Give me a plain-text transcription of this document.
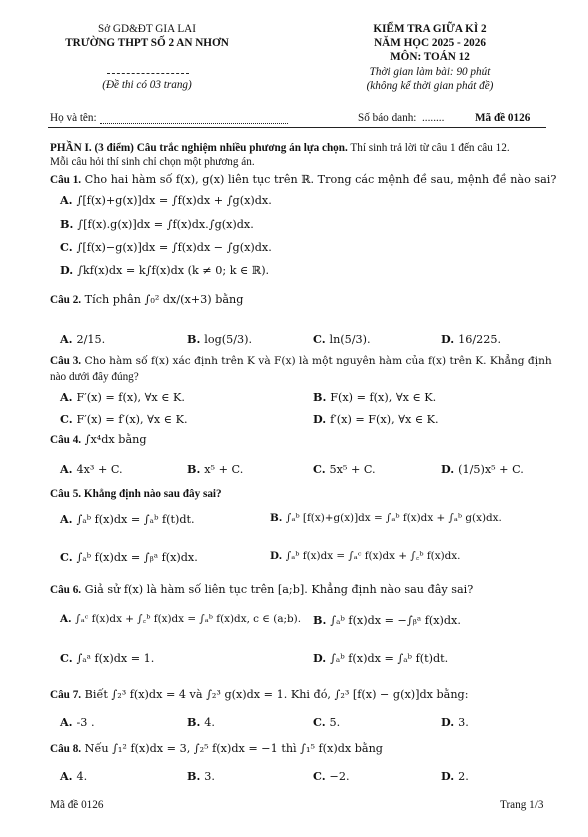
Sở GD&ĐT GIA LAI
TRƯỜNG THPT SỐ 2 AN NHƠN
(Đề thi có 03 trang)
KIỂM TRA GIỮA KÌ 2
NĂM HỌC 2025 - 2026
MÔN: TOÁN 12
Thời gian làm bài: 90 phút
(không kể thời gian phát đề)
Họ và tên:	Số báo danh: ........	Mã đề 0126
PHẦN I. (3 điểm) Câu trắc nghiệm nhiều phương án lựa chọn. Thí sinh trả lời từ câu 1 đến câu 12.
Mỗi câu hỏi thí sinh chỉ chọn một phương án.
Câu 1. Cho hai hàm số f(x), g(x) liên tục trên ℝ. Trong các mệnh đề sau, mệnh đề nào sai?
A. ∫[f(x)+g(x)]dx = ∫f(x)dx + ∫g(x)dx.
B. ∫[f(x).g(x)]dx = ∫f(x)dx.∫g(x)dx.
C. ∫[f(x)−g(x)]dx = ∫f(x)dx − ∫g(x)dx.
D. ∫kf(x)dx = k∫f(x)dx (k ≠ 0; k ∈ ℝ).
Câu 2. Tích phân ∫₀² dx/(x+3) bằng
A. 2/15.	B. log(5/3).	C. ln(5/3).	D. 16/225.
Câu 3. Cho hàm số f(x) xác định trên K và F(x) là một nguyên hàm của f(x) trên K. Khẳng định
nào dưới đây đúng?
A. F′(x) = f(x), ∀x ∈ K.	B. F(x) = f(x), ∀x ∈ K.
C. F′(x) = f′(x), ∀x ∈ K.	D. f′(x) = F(x), ∀x ∈ K.
Câu 4. ∫x⁴dx bằng
A. 4x³ + C.	B. x⁵ + C.	C. 5x⁵ + C.	D. (1/5)x⁵ + C.
Câu 5. Khẳng định nào sau đây sai?
A. ∫ₐᵇ f(x)dx = ∫ₐᵇ f(t)dt.	B. ∫ₐᵇ [f(x)+g(x)]dx = ∫ₐᵇ f(x)dx + ∫ₐᵇ g(x)dx.
C. ∫ₐᵇ f(x)dx = ∫ᵦᵃ f(x)dx.	D. ∫ₐᵇ f(x)dx = ∫ₐᶜ f(x)dx + ∫꜀ᵇ f(x)dx.
Câu 6. Giả sử f(x) là hàm số liên tục trên [a;b]. Khẳng định nào sau đây sai?
A. ∫ₐᶜ f(x)dx + ∫꜀ᵇ f(x)dx = ∫ₐᵇ f(x)dx, c ∈ (a;b). B. ∫ₐᵇ f(x)dx = −∫ᵦᵃ f(x)dx.
C. ∫ₐᵃ f(x)dx = 1.	D. ∫ₐᵇ f(x)dx = ∫ₐᵇ f(t)dt.
Câu 7. Biết ∫₂³ f(x)dx = 4 và ∫₂³ g(x)dx = 1. Khi đó, ∫₂³ [f(x) − g(x)]dx bằng:
A. -3 .	B. 4.	C. 5.	D. 3.
Câu 8. Nếu ∫₁² f(x)dx = 3, ∫₂⁵ f(x)dx = −1 thì ∫₁⁵ f(x)dx bằng
A. 4.	B. 3.	C. −2.	D. 2.
Mã đề 0126	Trang 1/3
